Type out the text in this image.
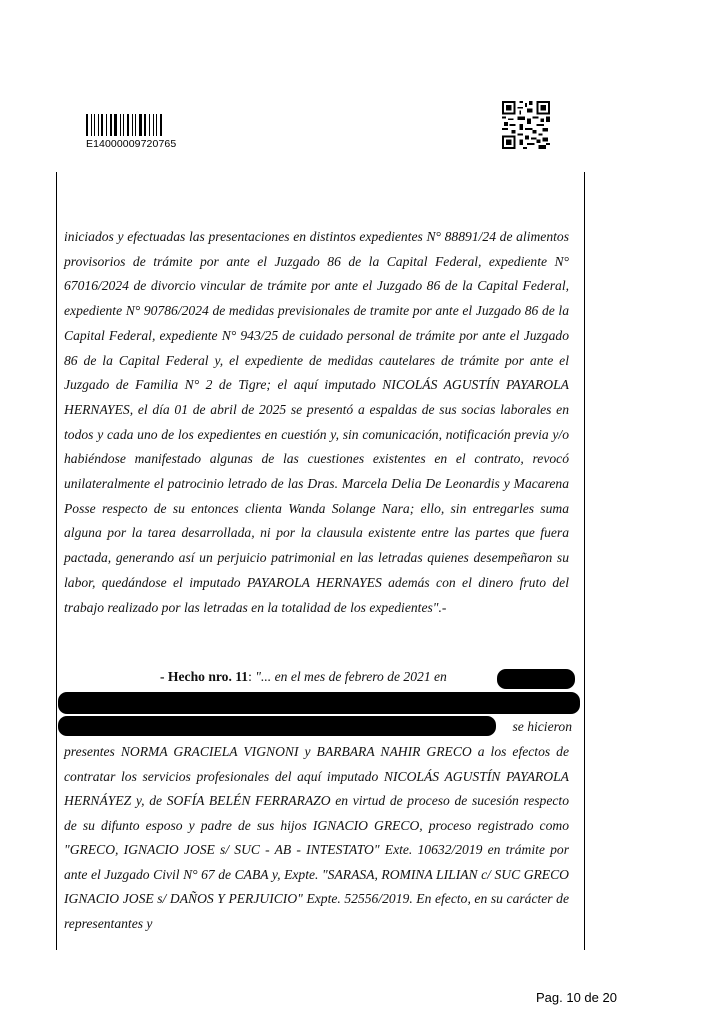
E14000009720765

iniciados y efectuadas las presentaciones en distintos expedientes N° 88891/24 de alimentos provisorios de trámite por ante el Juzgado 86 de la Capital Federal, expediente N° 67016/2024 de divorcio vincular de trámite por ante el Juzgado 86 de la Capital Federal, expediente N° 90786/2024 de medidas previsionales de tramite por ante el Juzgado 86 de la Capital Federal, expediente N° 943/25 de cuidado personal de trámite por ante el Juzgado 86 de la Capital Federal y, el expediente de medidas cautelares de trámite por ante el Juzgado de Familia N° 2 de Tigre; el aquí imputado NICOLÁS AGUSTÍN PAYAROLA HERNAYES, el día 01 de abril de 2025 se presentó a espaldas de sus socias laborales en todos y cada uno de los expedientes en cuestión y, sin comunicación, notificación previa y/o habiéndose manifestado algunas de las cuestiones existentes en el contrato, revocó unilateralmente el patrocinio letrado de las Dras. Marcela Delia De Leonardis y Macarena Posse respecto de su entonces clienta Wanda Solange Nara; ello, sin entregarles suma alguna por la tarea desarrollada, ni por la clausula existente entre las partes que fuera pactada, generando así un perjuicio patrimonial en las letradas quienes desempeñaron su labor, quedándose el imputado PAYAROLA HERNAYES además con el dinero fruto del trabajo realizado por las letradas en la totalidad de los expedientes".-

- Hecho nro. 11: "... en el mes de febrero de 2021 en
se hicieron

presentes NORMA GRACIELA VIGNONI y BARBARA NAHIR GRECO a los efectos de contratar los servicios profesionales del aquí imputado NICOLÁS AGUSTÍN PAYAROLA HERNÁYEZ y, de SOFÍA BELÉN FERRARAZO en virtud de proceso de sucesión respecto de su difunto esposo y padre de sus hijos IGNACIO GRECO, proceso registrado como "GRECO, IGNACIO JOSE s/ SUC - AB - INTESTATO" Exte. 10632/2019 en trámite por ante el Juzgado Civil N° 67 de CABA y, Expte. "SARASA, ROMINA LILIAN c/ SUC GRECO IGNACIO JOSE s/ DAÑOS Y PERJUICIO" Expte. 52556/2019. En efecto, en su carácter de representantes y

Pag. 10 de 20
